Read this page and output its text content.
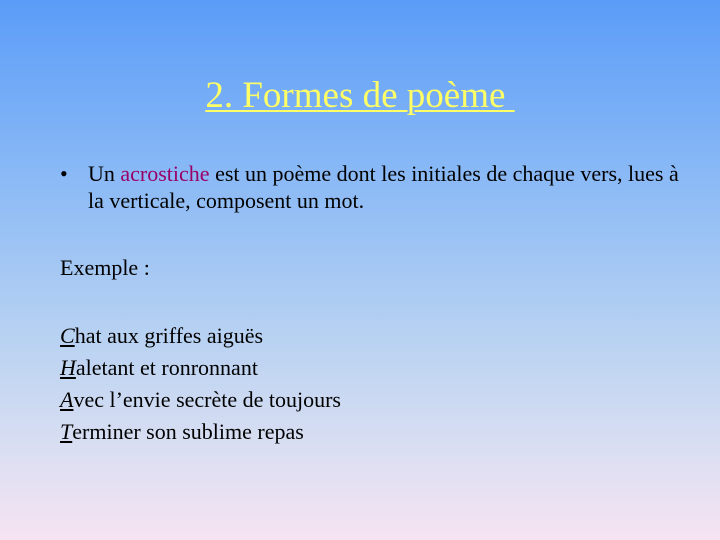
2. Formes de poème
• Un acrostiche est un poème dont les initiales de chaque vers, lues à la verticale, composent un mot.
Exemple :
Chat aux griffes aiguës
Haletant et ronronnant
Avec l’envie secrète de toujours
Terminer son sublime repas
